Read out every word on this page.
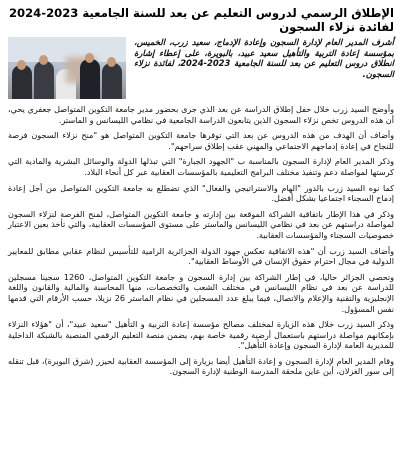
الإطلاق الرسمي لدروس التعليم عن بعد للسنة الجامعية 2023-2024 لفائدة نزلاء السجون

أشرف المدير العام لإدارة السجون وإعادة الإدماج، سعيد زرب، الخميس، بمؤسسة إعادة التربية والتأهيل سعيد عبيد، بالبويرة، على إعطاء إشارة انطلاق دروس التعليم عن بعد للسنة الجامعية 2023-2024، لفائدة نزلاء السجون.

وأوضح السيد زرب خلال حفل إطلاق الدراسة عن بعد الذي جرى بحضور مدير جامعة التكوين المتواصل جعفري يحي، أن هذه الدروس تخص نزلاء السجون الذين يتابعون الدراسة الجامعية في نظامي الليسانس و الماستر.

وأضاف أن الهدف من هذه الدروس عن بعد التي توفرها جامعة التكوين المتواصل هو "منح نزلاء السجون فرصة للنجاح في إعادة إدماجهم الاجتماعي والمهني عقب إطلاق سراحهم".

وذكر المدير العام لإدارة السجون بالمناسبة ب "الجهود الجبارة" التي تبذلها الدولة والوسائل البشرية والمادية التي كرستها لمواصلة دعم وتنفيذ مختلف البرامج التعليمية بالمؤسسات العقابية عبر كل أنحاء البلاد.

كما نوه السيد زرب بالدور "الهام والاستراتيجي والفعال" الذي تضطلع به جامعة التكوين المتواصل من أجل إعادة إدماج السجناء اجتماعيا بشكل أفضل.

وذكر في هذا الإطار باتفاقية الشراكة الموقعة بين إدارته و جامعة التكوين المتواصل، لمنح الفرصة لنزلاء السجون لمواصلة دراستهم عن بعد في نظامي الليسانس والماستر على مستوى المؤسسات العقابية، والتي تأخذ بعين الاعتبار خصوصيات السجناء والمؤسسات العقابية.

وأضاف السيد زرب أن "هذه الاتفاقية تعكس جهود الدولة الجزائرية الرامية للتأسيس لنظام عقابي مطابق للمعايير الدولية في مجال احترام حقوق الإنسان في الأوساط العقابية".

وتحصي الجزائر حاليا، في إطار الشراكة بين إدارة السجون و جامعة التكوين المتواصل، 1260 سجينا مسجلين للدراسة عن بعد في نظام الليسانس في مختلف الشعب والتخصصات، منها المحاسبة والمالية والقانون واللغة الإنجليزية والتقنية والإعلام والاتصال، فيما يبلغ عدد المسجلين في نظام الماستر 26 نزيلا، حسب الأرقام التي قدمها نفس المسؤول.

وذكر السيد زرب خلال هذه الزيارة لمختلف مصالح مؤسسة إعادة التربية و التأهيل "سعيد عبيد"، أن "هؤلاء النزلاء بإمكانهم مواصلة دراستهم باستعمال أرضية رقمية خاصة بهم، يضمن منصة التعليم الرقمي المنصبة بالشبكة الداخلية للمديرية العامة لإدارة السجون وإعادة التأهيل".

وقام المدير العام لإدارة السجون و إعادة التأهيل أيضا بزيارة إلى المؤسسة العقابية لحيزر (شرق البويرة)، قبل تنقله إلى سور الغزلان، أين عاين ملحقة المدرسة الوطنية لإدارة السجون.
